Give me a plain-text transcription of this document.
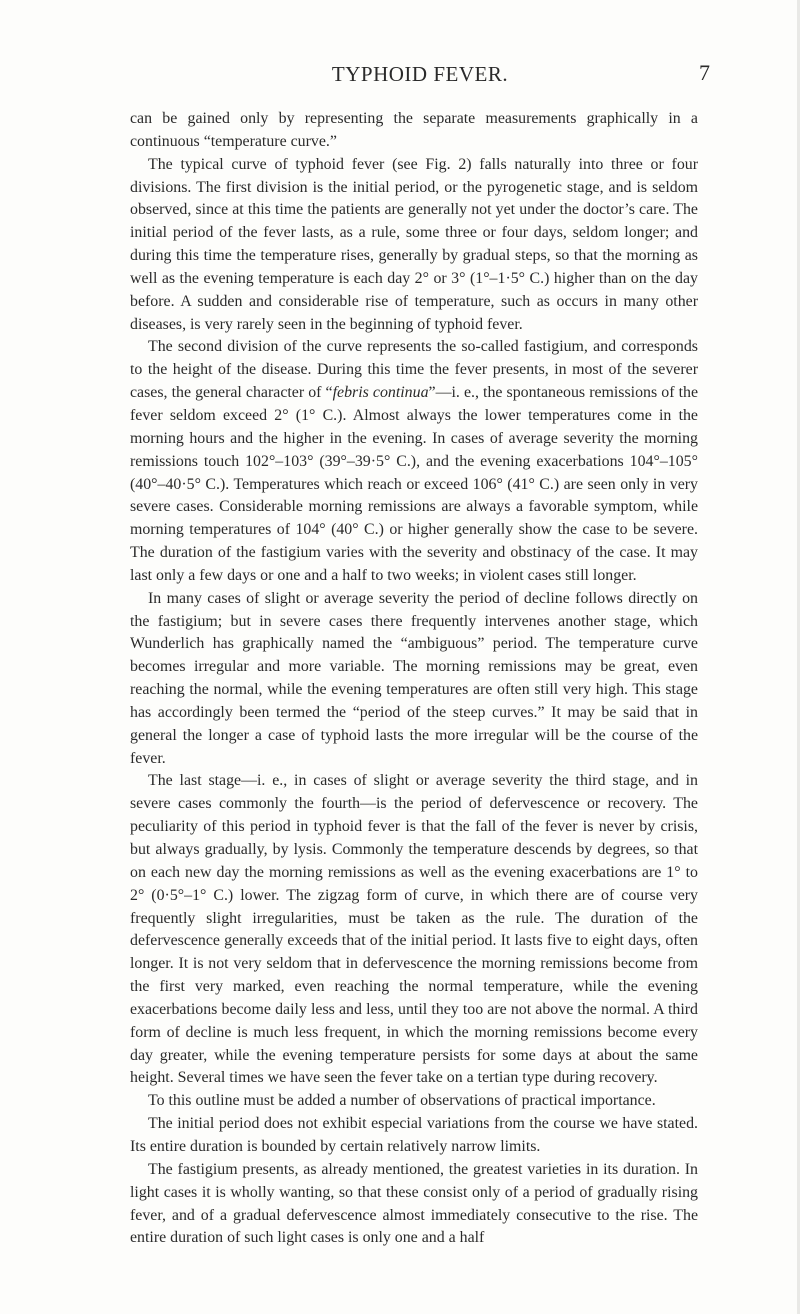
TYPHOID FEVER.	7

can be gained only by representing the separate measurements graphically in a continuous “temperature curve.”

The typical curve of typhoid fever (see Fig. 2) falls naturally into three or four divisions. The first division is the initial period, or the pyrogenetic stage, and is seldom observed, since at this time the patients are generally not yet under the doctor’s care. The initial period of the fever lasts, as a rule, some three or four days, seldom longer; and during this time the temperature rises, generally by gradual steps, so that the morning as well as the evening temperature is each day 2° or 3° (1°–1·5° C.) higher than on the day before. A sudden and considerable rise of temperature, such as occurs in many other diseases, is very rarely seen in the beginning of typhoid fever.

The second division of the curve represents the so-called fastigium, and corresponds to the height of the disease. During this time the fever presents, in most of the severer cases, the general character of “febris continua”—i. e., the spontaneous remissions of the fever seldom exceed 2° (1° C.). Almost always the lower temperatures come in the morning hours and the higher in the evening. In cases of average severity the morning remissions touch 102°–103° (39°–39·5° C.), and the evening exacerbations 104°–105° (40°–40·5° C.). Temperatures which reach or exceed 106° (41° C.) are seen only in very severe cases. Considerable morning remissions are always a favorable symptom, while morning temperatures of 104° (40° C.) or higher generally show the case to be severe. The duration of the fastigium varies with the severity and obstinacy of the case. It may last only a few days or one and a half to two weeks; in violent cases still longer.

In many cases of slight or average severity the period of decline follows directly on the fastigium; but in severe cases there frequently intervenes another stage, which Wunderlich has graphically named the “ambiguous” period. The temperature curve becomes irregular and more variable. The morning remissions may be great, even reaching the normal, while the evening temperatures are often still very high. This stage has accordingly been termed the “period of the steep curves.” It may be said that in general the longer a case of typhoid lasts the more irregular will be the course of the fever.

The last stage—i. e., in cases of slight or average severity the third stage, and in severe cases commonly the fourth—is the period of defervescence or recovery. The peculiarity of this period in typhoid fever is that the fall of the fever is never by crisis, but always gradually, by lysis. Commonly the temperature descends by degrees, so that on each new day the morning remissions as well as the evening exacerbations are 1° to 2° (0·5°–1° C.) lower. The zigzag form of curve, in which there are of course very frequently slight irregularities, must be taken as the rule. The duration of the defervescence generally exceeds that of the initial period. It lasts five to eight days, often longer. It is not very seldom that in defervescence the morning remissions become from the first very marked, even reaching the normal temperature, while the evening exacerbations become daily less and less, until they too are not above the normal. A third form of decline is much less frequent, in which the morning remissions become every day greater, while the evening temperature persists for some days at about the same height. Several times we have seen the fever take on a tertian type during recovery.

To this outline must be added a number of observations of practical importance.

The initial period does not exhibit especial variations from the course we have stated. Its entire duration is bounded by certain relatively narrow limits.

The fastigium presents, as already mentioned, the greatest varieties in its duration. In light cases it is wholly wanting, so that these consist only of a period of gradually rising fever, and of a gradual defervescence almost immediately consecutive to the rise. The entire duration of such light cases is only one and a half
